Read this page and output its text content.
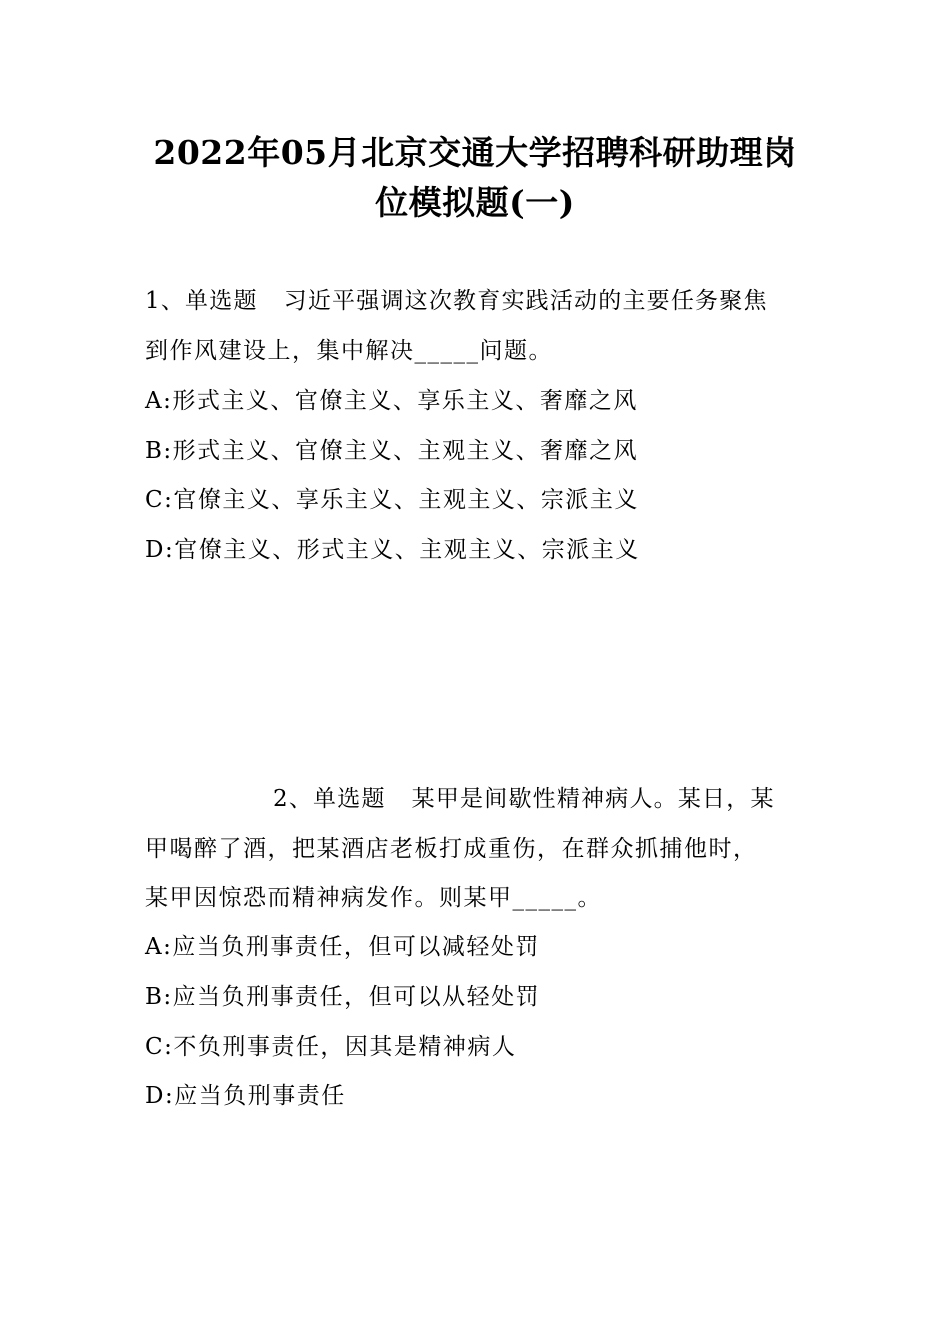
2022年05月北京交通大学招聘科研助理岗
位模拟题(一)
1、单选题 习近平强调这次教育实践活动的主要任务聚焦
到作风建设上，集中解决_____问题。
A:形式主义、官僚主义、享乐主义、奢靡之风
B:形式主义、官僚主义、主观主义、奢靡之风
C:官僚主义、享乐主义、主观主义、宗派主义
D:官僚主义、形式主义、主观主义、宗派主义
2、单选题 某甲是间歇性精神病人。某日，某
甲喝醉了酒，把某酒店老板打成重伤，在群众抓捕他时，
某甲因惊恐而精神病发作。则某甲_____。
A:应当负刑事责任，但可以减轻处罚
B:应当负刑事责任，但可以从轻处罚
C:不负刑事责任，因其是精神病人
D:应当负刑事责任
